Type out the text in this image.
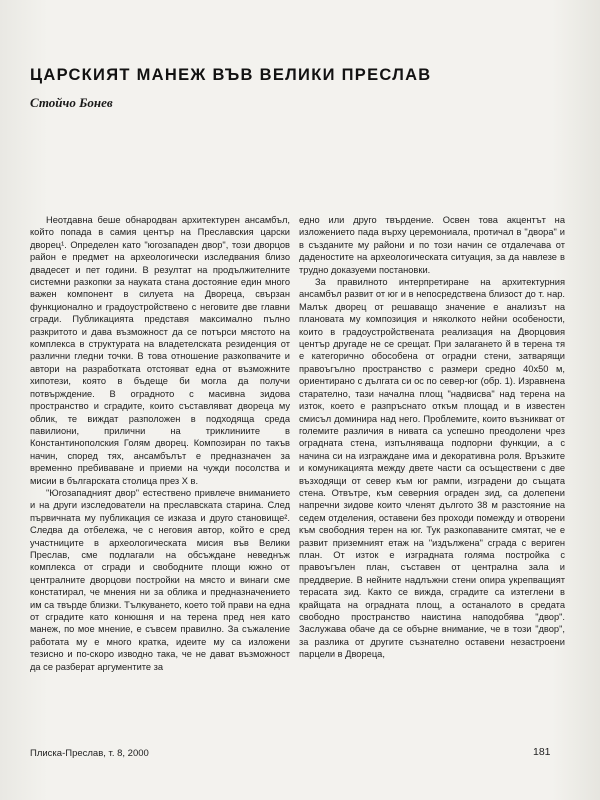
ЦАРСКИЯТ МАНЕЖ ВЪВ ВЕЛИКИ ПРЕСЛАВ

Стойчо Бонев

Неотдавна беше обнародван архитектурен ансамбъл, който попада в самия център на Преславския царски дворец¹. Определен като "югозападен двор", този дворцов район е предмет на археологически изследвания близо двадесет и пет години. В резултат на продължителните системни разкопки за науката стана достояние един много важен компонент в силуета на Двореца, свързан функционално и градоустройствено с неговите две главни сгради. Публикацията представя максимално пълно разкритото и дава възможност да се потърси мястото на комплекса в структурата на владетелската резиденция от различни гледни точки. В това отношение разкопвачите и автори на разработката отстояват една от възможните хипотези, която в бъдеще би могла да получи потвърждение. В оградното с масивна зидова пространство и сградите, които съставляват двореца му облик, те виждат разположен в подходяща среда павилиони, прилични на триклиниите в Константинополския Голям дворец. Композиран по такъв начин, според тях, ансамбълът е предназначен за временно пребиваване и приеми на чужди посолства и мисии в българската столица през X в.

"Югозападният двор" естествено привлече вниманието и на други изследователи на преславската старина. След първичната му публикация се изказа и друго становище². Следва да отбележа, че с неговия автор, който е сред участниците в археологическата мисия във Велики Преслав, сме подлагали на обсъждане неведнъж комплекса от сгради и свободните площи южно от централните дворцови постройки на място и винаги сме констатирал, че мнения ни за облика и предназначението им са твърде близки. Тълкуването, което той прави на една от сградите като конюшня и на терена пред нея като манеж, по мое мнение, е съвсем правилно. За съжаление работата му е много кратка, идеите му са изложени тезисно и по-скоро изводно така, че не дават възможност да се разберат аргументите за

едно или друго твърдение. Освен това акцентът на изложението пада върху церемониала, протичал в "двора" и в създаните му райони и по този начин се отдалечава от даденостите на археологическата ситуация, за да навлезе в трудно доказуеми постановки.

За правилното интерпретиране на архитектурния ансамбъл развит от юг и в непосредствена близост до т. нар. Малък дворец от решаващо значение е анализът на плановата му композиция и няколкото нейни особености, които в градоустройствената реализация на Дворцовия център другаде не се срещат. При залагането й в терена тя е категорично обособена от оградни стени, затварящи правоъгълно пространство с размери средно 40х50 м, ориентирано с дългата си ос по север-юг (обр. 1). Изравнена старателно, тази начална площ "надвисва" над терена на изток, което е разпръснато откъм площад и в известен смисъл доминира над него. Проблемите, които възникват от големите различия в нивата са успешно преодолени чрез оградната стена, изпълняваща подпорни функции, а с начина си на изграждане има и декоративна роля. Връзките и комуникацията между двете части са осъществени с две възходящи от север към юг рампи, изградени до същата стена. Отвътре, към северния ограден зид, са долепени напречни зидове които членят дългото 38 м разстояние на седем отделения, оставени без проходи помежду и отворени към свободния терен на юг. Тук разкопаваните смятат, че е развит приземният етаж на "издължена" сграда с вериген план. От изток е изградната голяма постройка с правоъгълен план, съставен от централна зала и преддверие. В нейните надлъжни стени опира укрепващият терасата зид. Както се вижда, сградите са изтеглени в крайщата на оградната площ, а останалото в средата свободно пространство наистина наподобява "двор". Заслужава обаче да се обърне внимание, че в този "двор", за разлика от другите съзнателно оставени незастроени парцели в Двореца,

Плиска-Преслав, т. 8, 2000	181
